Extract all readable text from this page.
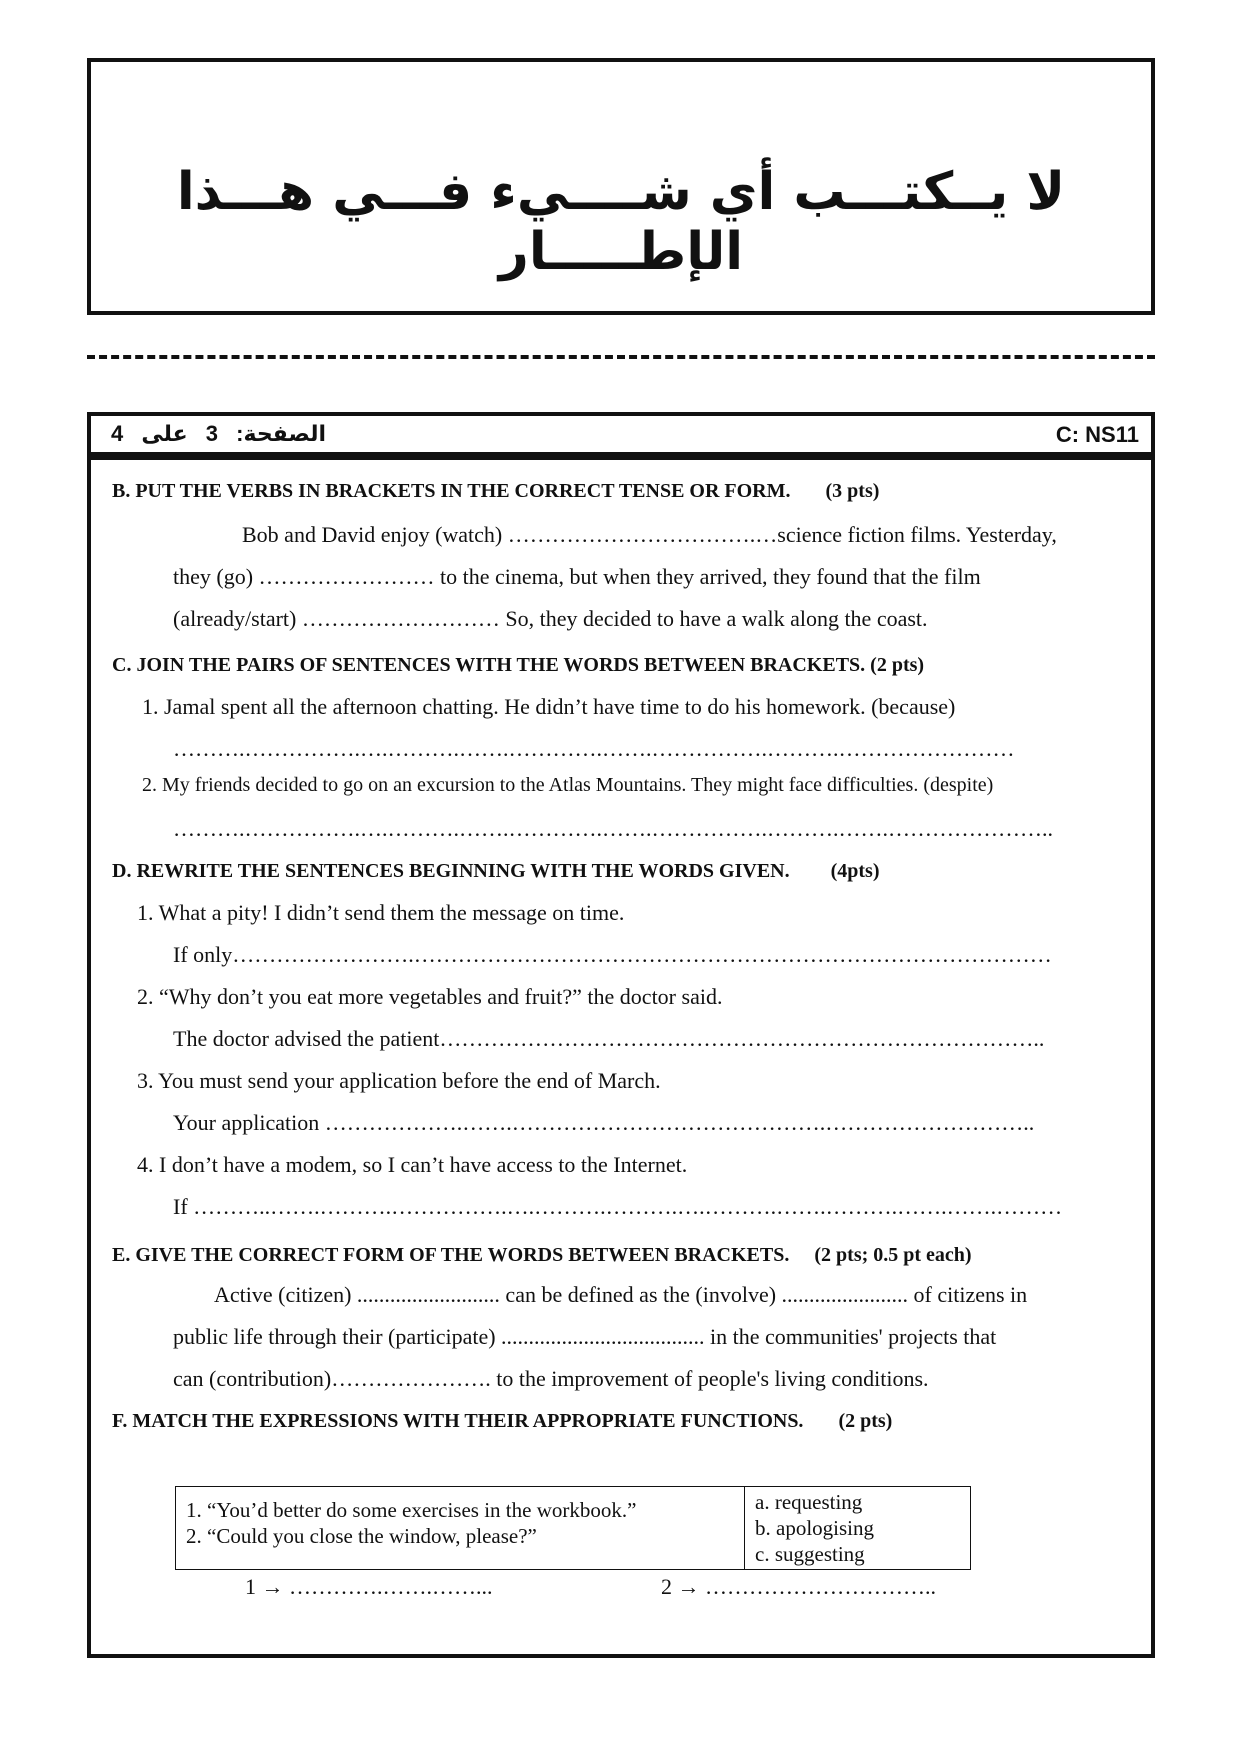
لا يــكتـــب أي شــــيء فـــي هـــذا الإطـــــار
الصفحة: 3 على 4	C: NS11
B. PUT THE VERBS IN BRACKETS IN THE CORRECT TENSE OR FORM. (3 pts)
Bob and David enjoy (watch) …………………………….…science fiction films. Yesterday,
they (go) …………………… to the cinema, but when they arrived, they found that the film
(already/start) ……………………… So, they decided to have a walk along the coast.
C. JOIN THE PAIRS OF SENTENCES WITH THE WORDS BETWEEN BRACKETS. (2 pts)
1. Jamal spent all the afternoon chatting. He didn’t have time to do his homework. (because)
……….…………….….……….…….………….…….…………….……….……………………
2. My friends decided to go on an excursion to the Atlas Mountains. They might face difficulties. (despite)
……….…………….….……….…….………….…….…………….……….…….…………………..
D. REWRITE THE SENTENCES BEGINNING WITH THE WORDS GIVEN. (4pts)
1. What a pity! I didn’t send them the message on time.
If only…………………….……………………………………………………………………………
2. “Why don’t you eat more vegetables and fruit?” the doctor said.
The doctor advised the patient………………………………………………………………………..
3. You must send your application before the end of March.
Your application ……………….…….…………………………………….………………………..
4. I don’t have a modem, so I can’t have access to the Internet.
If ………..…….……….…………….….……….……….….……….…….……….…….…….………
E. GIVE THE CORRECT FORM OF THE WORDS BETWEEN BRACKETS. (2 pts; 0.5 pt each)
Active (citizen) .......................... can be defined as the (involve) ....................... of citizens in
public life through their (participate) ..................................... in the communities' projects that
can (contribution)…………………. to the improvement of people's living conditions.
F. MATCH THE EXPRESSIONS WITH THEIR APPROPRIATE FUNCTIONS. (2 pts)
1. “You’d better do some exercises in the workbook.”
2. “Could you close the window, please?”

a. requesting
b. apologising
c. suggesting
1 → ………….…….……...	2 → …………………………..
